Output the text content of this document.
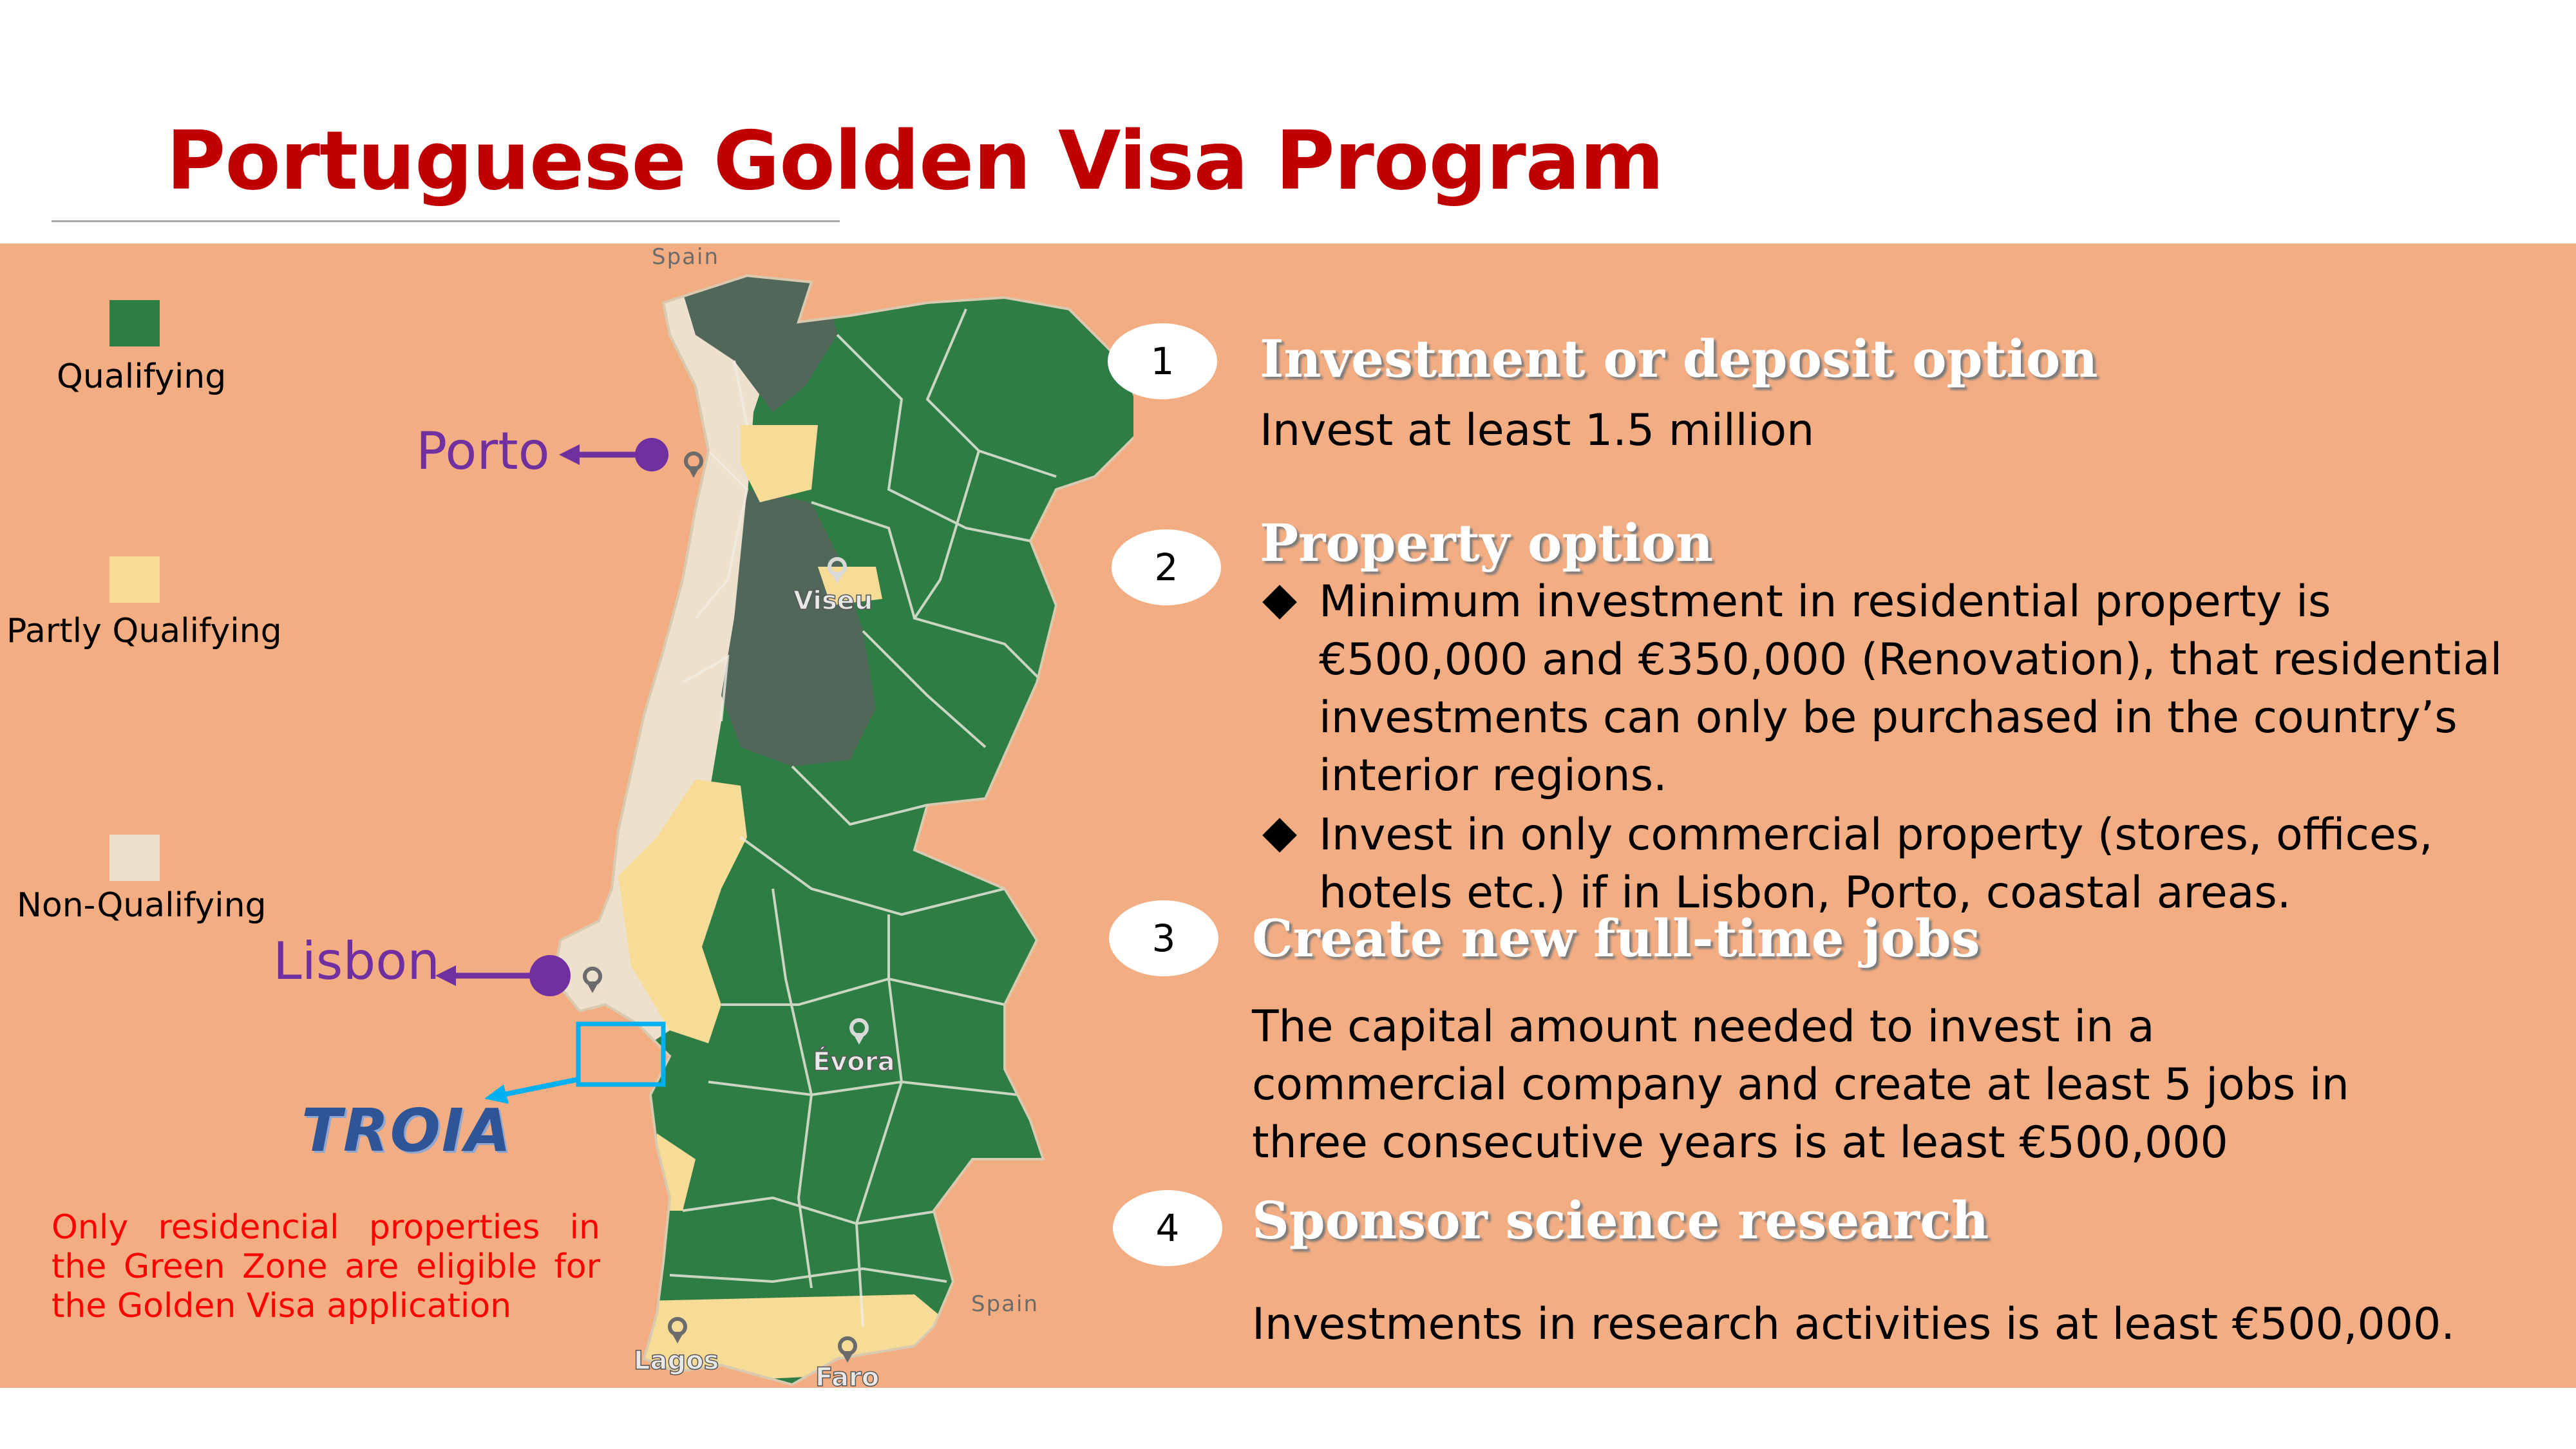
Portuguese Golden Visa Program
Qualifying
Partly Qualifying
Non-Qualifying
Spain
Spain
Viseu
Évora
Lagos
Faro
Porto
Lisbon
TROIA
Only residencial properties in the Green Zone are eligible for the Golden Visa application
1	Investment or deposit option
Invest at least 1.5 million
2	Property option
Minimum investment in residential property is €500,000 and €350,000 (Renovation), that residential investments can only be purchased in the country’s interior regions.
Invest in only commercial property (stores, offices, hotels etc.) if in Lisbon, Porto, coastal areas.
3	Create new full-time jobs
The capital amount needed to invest in a commercial company and create at least 5 jobs in three consecutive years is at least €500,000
4	Sponsor science research
Investments in research activities is at least €500,000.
